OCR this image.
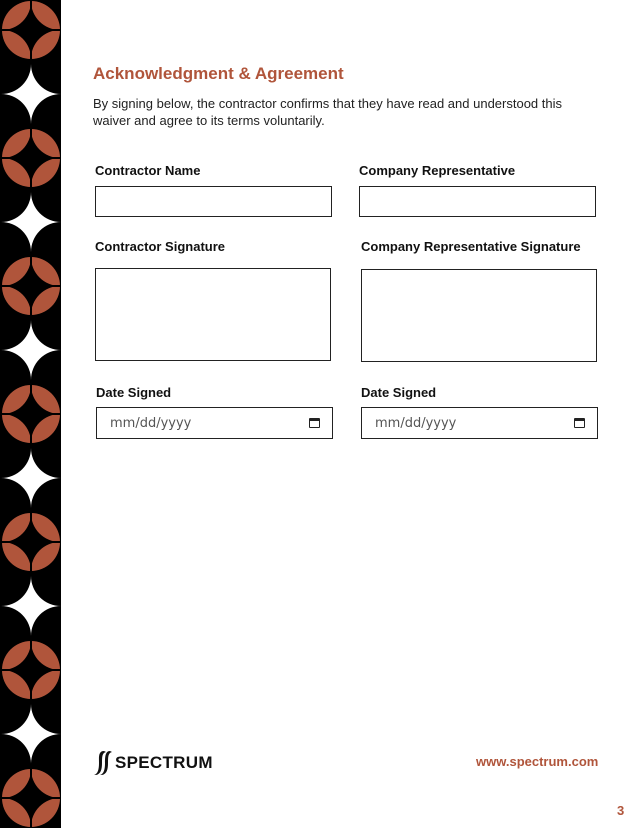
Acknowledgment & Agreement
By signing below, the contractor confirms that they have read and understood this waiver and agree to its terms voluntarily.
Contractor Name	Company Representative
Contractor Signature	Company Representative Signature
Date Signed
mm/dd/yyyy
Date Signed
mm/dd/yyyy
SPECTRUM	www.spectrum.com
3
